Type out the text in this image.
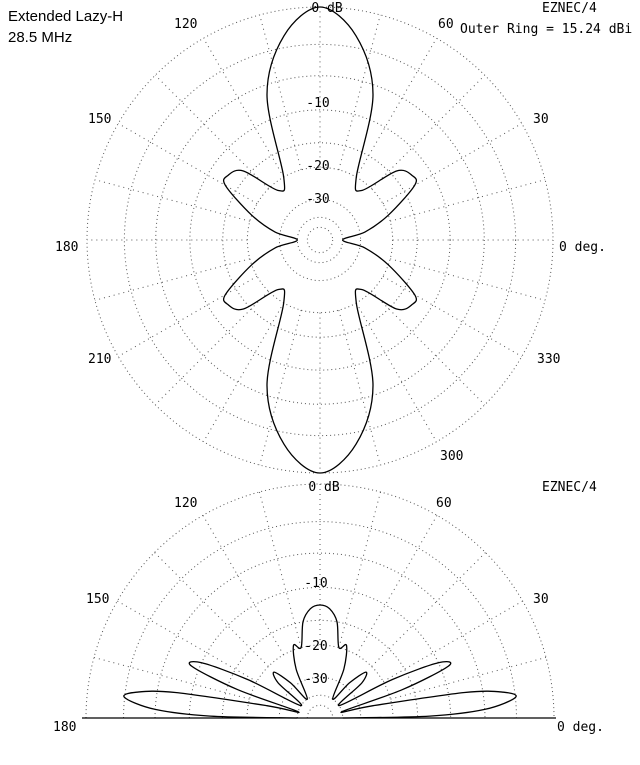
Extended Lazy-H
28.5 MHz
EZNEC/4
Outer Ring = 15.24 dBi
0 dB
-10
-20
-30
0 deg.
30
60
120
150
180
210
300
330
EZNEC/4
0 dB
-10
-20
-30
0 deg.
30
60
120
150
180
